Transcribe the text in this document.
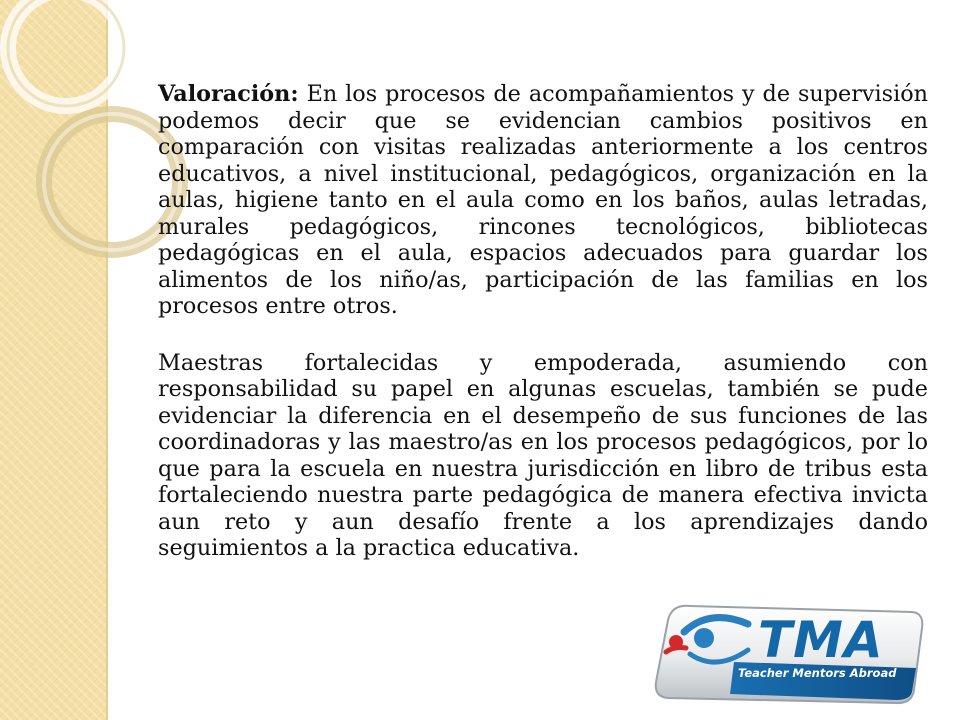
Valoración: En los procesos de acompañamientos y de supervisión podemos decir que se evidencian cambios positivos en comparación con visitas realizadas anteriormente a los centros educativos, a nivel institucional, pedagógicos, organización en la aulas, higiene tanto en el aula como en los baños, aulas letradas, murales pedagógicos, rincones tecnológicos, bibliotecas pedagógicas en el aula, espacios adecuados para guardar los alimentos de los niño/as, participación de las familias en los procesos entre otros.

Maestras fortalecidas y empoderada, asumiendo con responsabilidad su papel en algunas escuelas, también se pude evidenciar la diferencia en el desempeño de sus funciones de las coordinadoras y las maestro/as en los procesos pedagógicos, por lo que para la escuela en nuestra jurisdicción en libro de tribus esta fortaleciendo nuestra parte pedagógica de manera efectiva invicta aun reto y aun desafío frente a los aprendizajes dando seguimientos a la practica educativa.

TMA
Teacher Mentors Abroad
